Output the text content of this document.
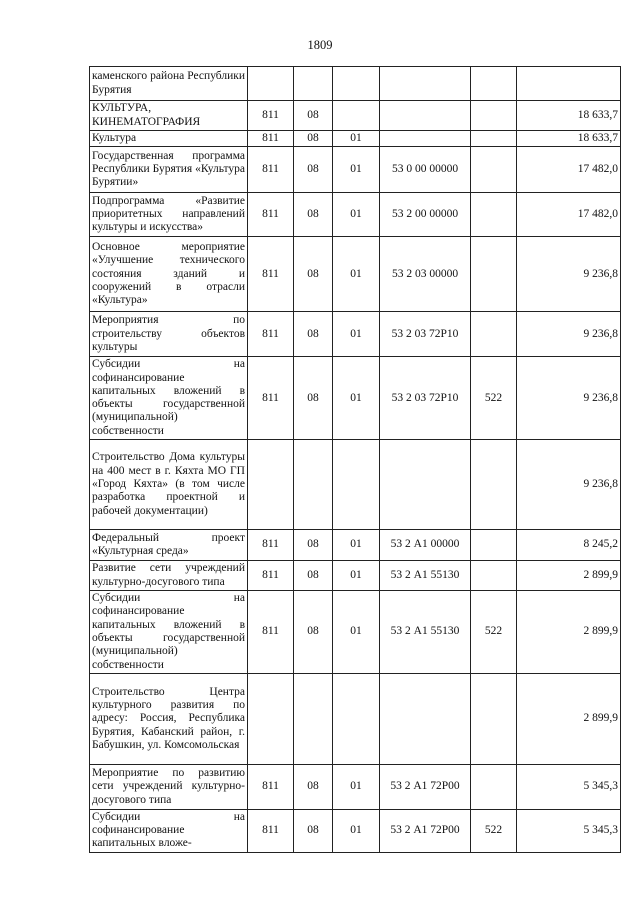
1809
каменского района Республики Бурятия						
КУЛЬТУРА, КИНЕМАТОГРАФИЯ	811	08				18 633,7
Культура	811	08	01			18 633,7
Государственная программа Республики Бурятия «Культура Бурятии»	811	08	01	53 0 00 00000		17 482,0
Подпрограмма «Развитие приоритетных направлений культуры и искусства»	811	08	01	53 2 00 00000		17 482,0
Основное мероприятие «Улучшение технического состояния зданий и сооружений в отрасли «Культура»	811	08	01	53 2 03 00000		9 236,8
Мероприятия по строительству объектов культуры	811	08	01	53 2 03 72Р10		9 236,8
Субсидии на софинансирование капитальных вложений в объекты государственной (муниципальной) собственности	811	08	01	53 2 03 72Р10	522	9 236,8
Строительство Дома культуры на 400 мест в г. Кяхта МО ГП «Город Кяхта» (в том числе разработка проектной и рабочей документации)						9 236,8
Федеральный проект «Культурная среда»	811	08	01	53 2 А1 00000		8 245,2
Развитие сети учреждений культурно-досугового типа	811	08	01	53 2 А1 55130		2 899,9
Субсидии на софинансирование капитальных вложений в объекты государственной (муниципальной) собственности	811	08	01	53 2 А1 55130	522	2 899,9
Строительство Центра культурного развития по адресу: Россия, Республика Бурятия, Кабанский район, г. Бабушкин, ул. Комсомольская						2 899,9
Мероприятие по развитию сети учреждений культурно-досугового типа	811	08	01	53 2 А1 72Р00		5 345,3
Субсидии на софинансирование капитальных вложе-	811	08	01	53 2 А1 72Р00	522	5 345,3
